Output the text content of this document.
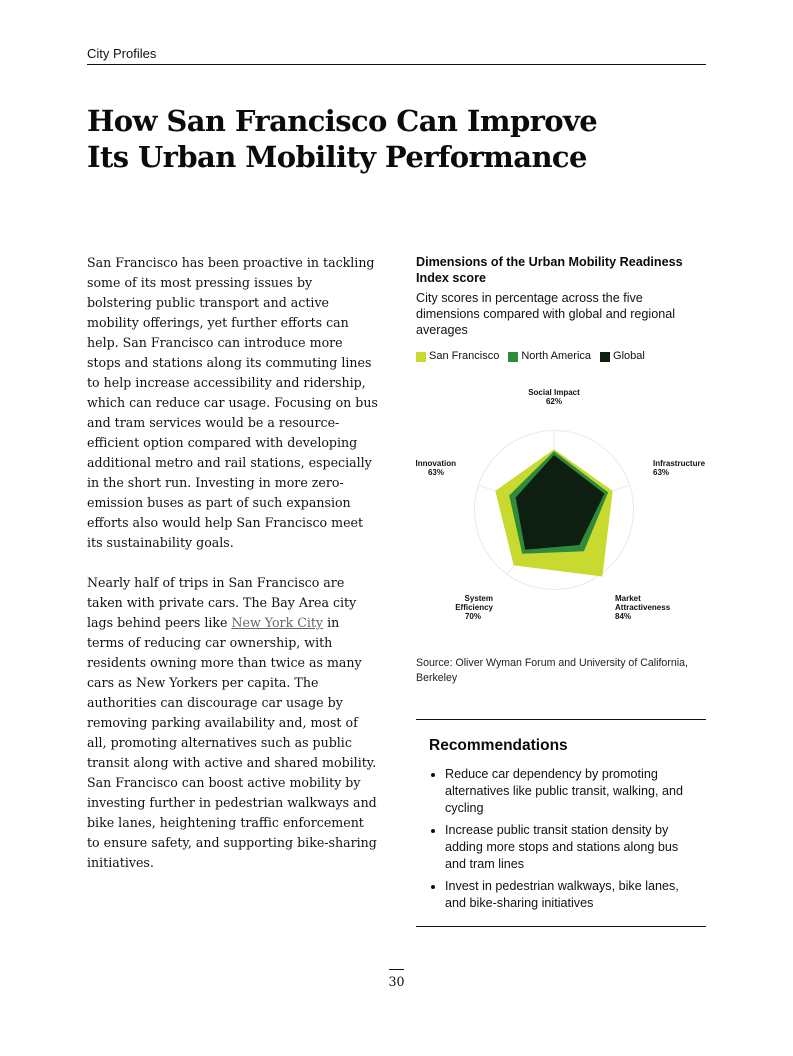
City Profiles
How San Francisco Can Improve
Its Urban Mobility Performance

San Francisco has been proactive in tackling some of its most pressing issues by bolstering public transport and active mobility offerings, yet further efforts can help. San Francisco can introduce more stops and stations along its commuting lines to help increase accessibility and ridership, which can reduce car usage. Focusing on bus and tram services would be a resource-efficient option compared with developing additional metro and rail stations, especially in the short run. Investing in more zero-emission buses as part of such expansion efforts also would help San Francisco meet its sustainability goals.

Nearly half of trips in San Francisco are taken with private cars. The Bay Area city lags behind peers like New York City in terms of reducing car ownership, with residents owning more than twice as many cars as New Yorkers per capita. The authorities can discourage car usage by removing parking availability and, most of all, promoting alternatives such as public transit along with active and shared mobility. San Francisco can boost active mobility by investing further in pedestrian walkways and bike lanes, heightening traffic enforcement to ensure safety, and supporting bike-sharing initiatives.

Dimensions of the Urban Mobility Readiness Index score
City scores in percentage across the five dimensions compared with global and regional averages
San Francisco North America Global
Social Impact 62%
Infrastructure 63%
Market Attractiveness 84%
System Efficiency 70%
Innovation 63%
Source: Oliver Wyman Forum and University of California, Berkeley
Recommendations
Reduce car dependency by promoting alternatives like public transit, walking, and cycling
Increase public transit station density by adding more stops and stations along bus and tram lines
Invest in pedestrian walkways, bike lanes, and bike-sharing initiatives
30
